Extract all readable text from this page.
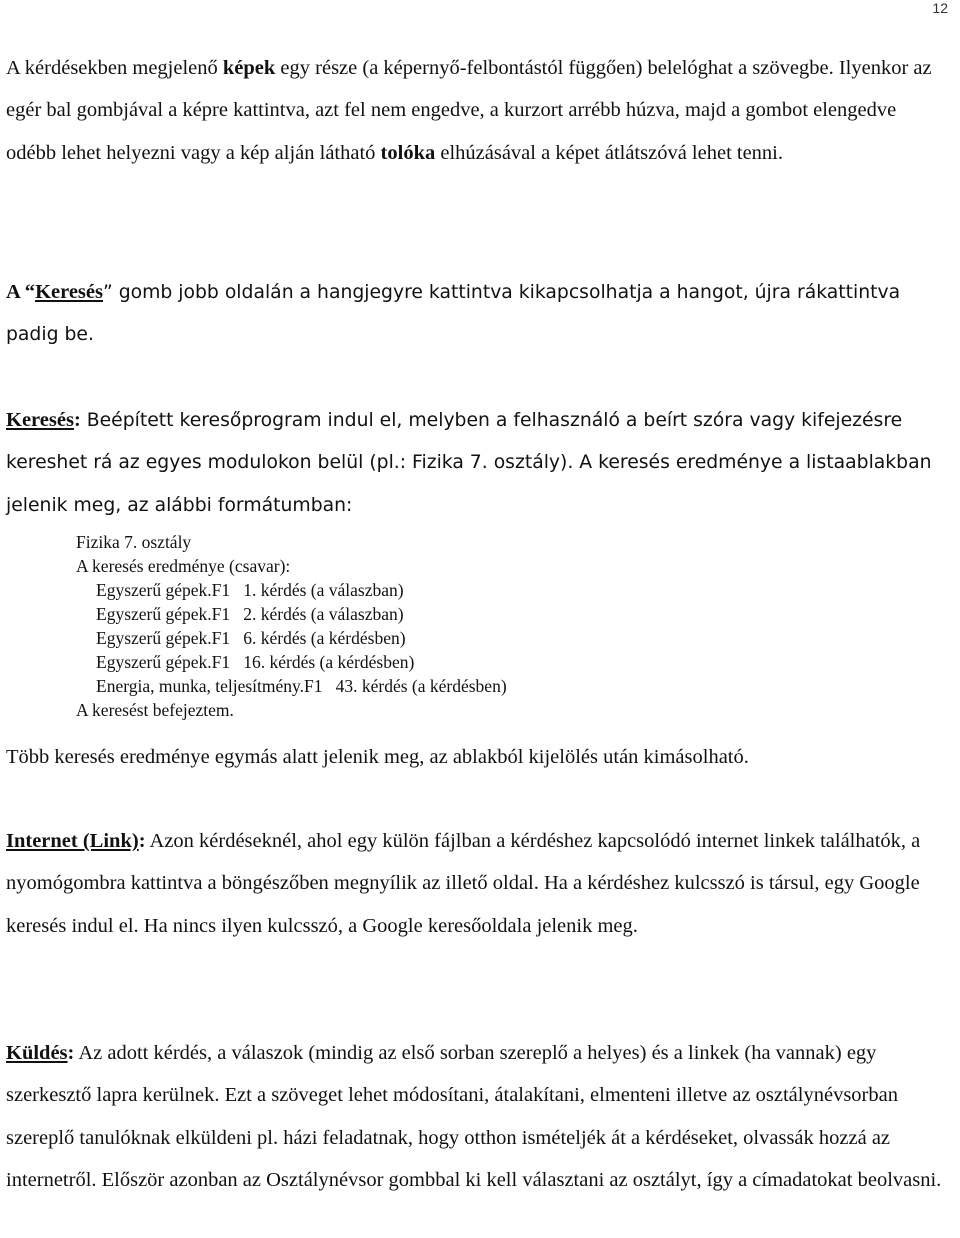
12

A kérdésekben megjelenő képek egy része (a képernyő-felbontástól függően) belelóghat a szövegbe. Ilyenkor az egér bal gombjával a képre kattintva, azt fel nem engedve, a kurzort arrébb húzva, majd a gombot elengedve odébb lehet helyezni vagy a kép alján látható tolóka elhúzásával a képet átlátszóvá lehet tenni.

A “Keresés” gomb jobb oldalán a hangjegyre kattintva kikapcsolhatja a hangot, újra rákattintva padig be.

Keresés: Beépített keresőprogram indul el, melyben a felhasználó a beírt szóra vagy kifejezésre kereshet rá az egyes modulokon belül (pl.: Fizika 7. osztály). A keresés eredménye a listaablakban jelenik meg, az alábbi formátumban:

Fizika 7. osztály
A keresés eredménye (csavar):
Egyszerű gépek.F1   1. kérdés (a válaszban)
Egyszerű gépek.F1   2. kérdés (a válaszban)
Egyszerű gépek.F1   6. kérdés (a kérdésben)
Egyszerű gépek.F1   16. kérdés (a kérdésben)
Energia, munka, teljesítmény.F1   43. kérdés (a kérdésben)
A keresést befejeztem.

Több keresés eredménye egymás alatt jelenik meg, az ablakból kijelölés után kimásolható.

Internet (Link): Azon kérdéseknél, ahol egy külön fájlban a kérdéshez kapcsolódó internet linkek találhatók, a nyomógombra kattintva a böngészőben megnyílik az illető oldal. Ha a kérdéshez kulcsszó is társul, egy Google keresés indul el. Ha nincs ilyen kulcsszó, a Google keresőoldala jelenik meg.

Küldés: Az adott kérdés, a válaszok (mindig az első sorban szereplő a helyes) és a linkek (ha vannak) egy szerkesztő lapra kerülnek. Ezt a szöveget lehet módosítani, átalakítani, elmenteni illetve az osztálynévsorban szereplő tanulóknak elküldeni pl. házi feladatnak, hogy otthon ismételjék át a kérdéseket, olvassák hozzá az internetről. Először azonban az Osztálynévsor gombbal ki kell választani az osztályt, így a címadatokat beolvasni.
